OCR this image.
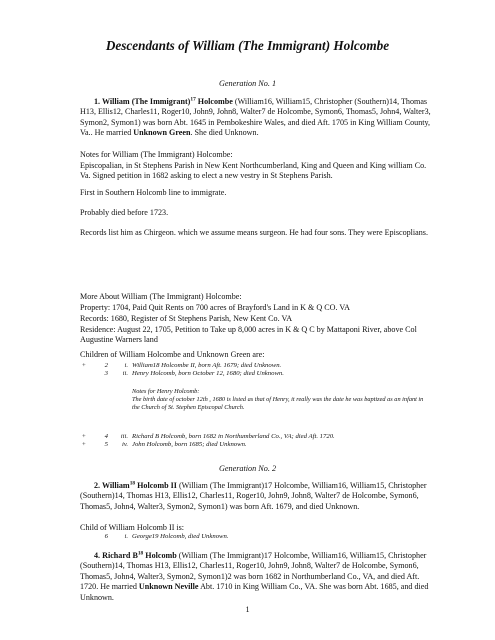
Descendants of William (The Immigrant) Holcombe
Generation No. 1
1. William (The Immigrant)$^{17}$ Holcombe (William16, William15, Christopher (Southern)14, Thomas H13, Ellis12, Charles11, Roger10, John9, John8, Walter7 de Holcombe, Symon6, Thomas5, John4, Walter3, Symon2, Symon1) was born Abt. 1645 in Pembokeshire Wales, and died Aft. 1705 in King William County, Va.. He married Unknown Green. She died Unknown.
Notes for William (The Immigrant) Holcombe:
Episcopalian, in St Stephens Parish in New Kent Northcumberland, King and Queen and King william Co. Va. Signed petition in 1682 asking to elect a new vestry in St Stephens Parish.
First in Southern Holcomb line to immigrate.
Probably died before 1723.
Records list him as Chirgeon. which we assume means surgeon. He had four sons. They were Episcoplians.
More About William (The Immigrant) Holcombe:
Property: 1704, Paid Quit Rents on 700 acres of Brayford's Land in K & Q CO. VA
Records: 1680, Register of St Stephens Parish, New Kent Co. VA
Residence: August 22, 1705, Petition to Take up 8,000 acres in K & Q C by Mattaponi River, above Col Augustine Warners land
Children of William Holcombe and Unknown Green are:
+	2	i. William18 Holcombe II, born Aft. 1679; died Unknown.
3	ii. Henry Holcomb, born October 12, 1680; died Unknown.
Notes for Henry Holcomb:
The birth date of october 12th , 1680 is listed as that of Henry, it really was the date he was baptized as an infant in the Church of St. Stephen Episcopal Church.
+	4	iii. Richard B Holcomb, born 1682 in Northumberland Co., VA; died Aft. 1720.
+	5	iv. John Holcomb, born 1685; died Unknown.
Generation No. 2
2. William$^{18}$ Holcomb II (William (The Immigrant)17 Holcombe, William16, William15, Christopher (Southern)14, Thomas H13, Ellis12, Charles11, Roger10, John9, John8, Walter7 de Holcombe, Symon6, Thomas5, John4, Walter3, Symon2, Symon1) was born Aft. 1679, and died Unknown.
Child of William Holcomb II is:
6	i. George19 Holcomb, died Unknown.
4. Richard $B^{18}$ Holcomb (William (The Immigrant)17 Holcombe, William16, William15, Christopher (Southern)14, Thomas H13, Ellis12, Charles11, Roger10, John9, John8, Walter7 de Holcombe, Symon6, Thomas5, John4, Walter3, Symon2, Symon1)2 was born 1682 in Northumberland Co., VA, and died Aft. 1720. He married Unknown Neville Abt. 1710 in King William Co., VA. She was born Abt. 1685, and died Unknown.
1
